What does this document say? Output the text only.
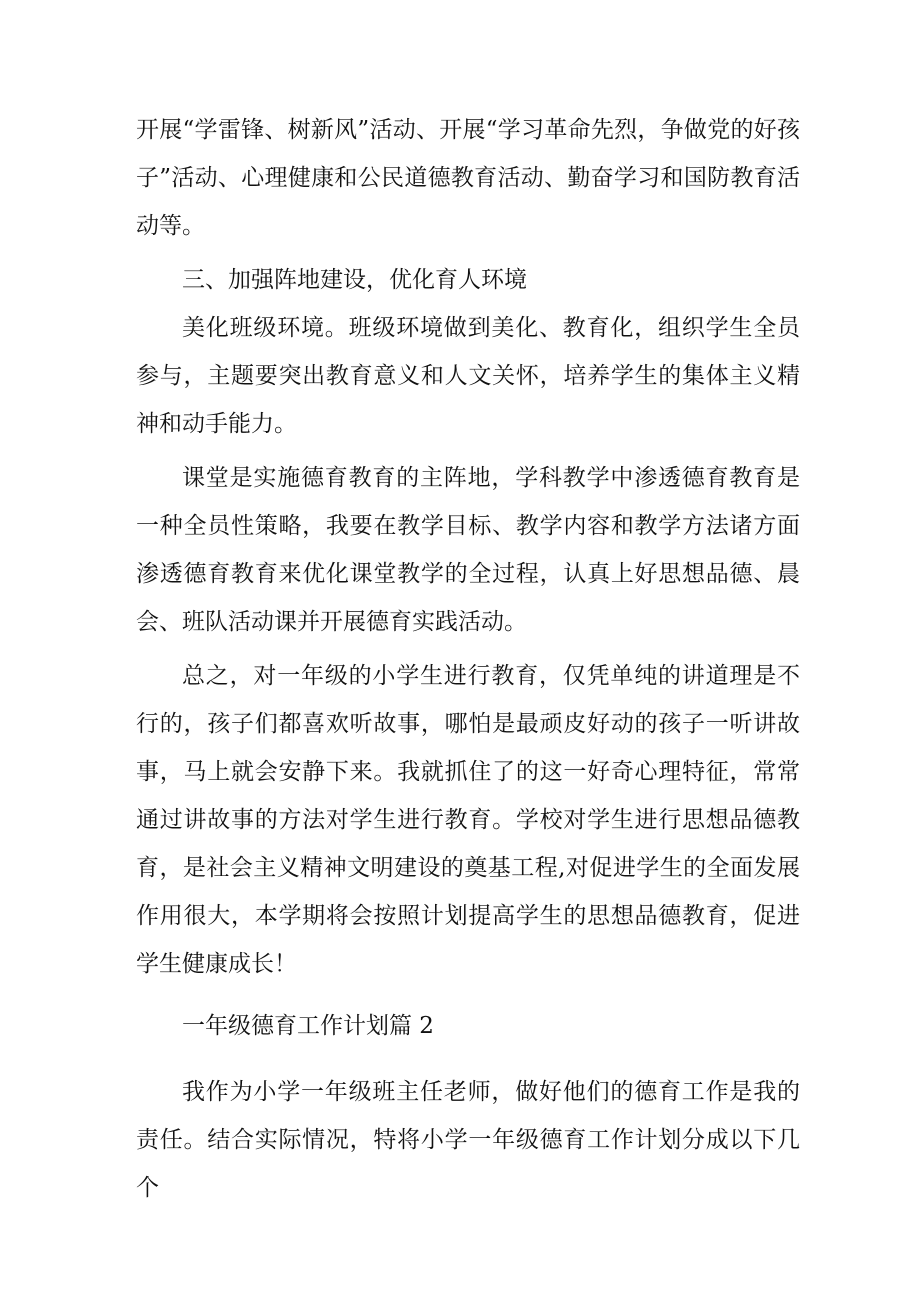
开展“学雷锋、树新风”活动、开展“学习革命先烈，争做党的好孩子”活动、心理健康和公民道德教育活动、勤奋学习和国防教育活动等。

三、加强阵地建设，优化育人环境

美化班级环境。班级环境做到美化、教育化，组织学生全员参与，主题要突出教育意义和人文关怀，培养学生的集体主义精神和动手能力。

课堂是实施德育教育的主阵地，学科教学中渗透德育教育是一种全员性策略，我要在教学目标、教学内容和教学方法诸方面渗透德育教育来优化课堂教学的全过程，认真上好思想品德、晨会、班队活动课并开展德育实践活动。

总之，对一年级的小学生进行教育，仅凭单纯的讲道理是不行的，孩子们都喜欢听故事，哪怕是最顽皮好动的孩子一听讲故事，马上就会安静下来。我就抓住了的这一好奇心理特征，常常通过讲故事的方法对学生进行教育。学校对学生进行思想品德教育，是社会主义精神文明建设的奠基工程,对促进学生的全面发展作用很大，本学期将会按照计划提高学生的思想品德教育，促进学生健康成长！

一年级德育工作计划篇 2

我作为小学一年级班主任老师，做好他们的德育工作是我的责任。结合实际情况，特将小学一年级德育工作计划分成以下几个
